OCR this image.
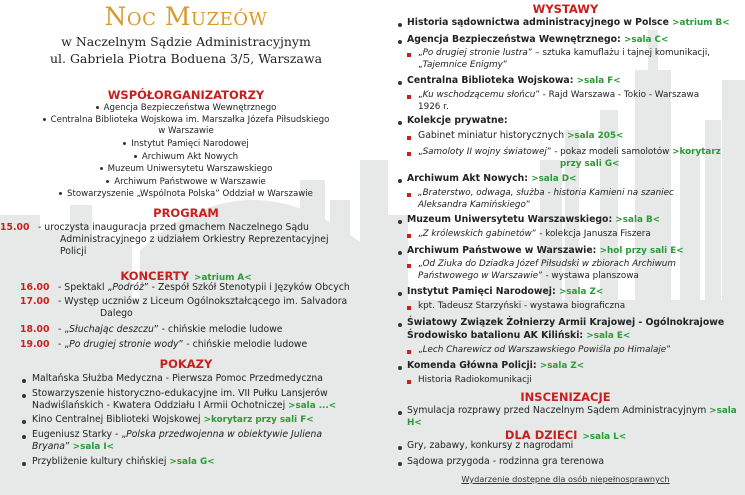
Noc Muzeów
w Naczelnym Sądzie Administracyjnym
ul. Gabriela Piotra Boduena 3/5, Warszawa
WSPÓŁORGANIZATORZY
Agencja Bezpieczeństwa Wewnętrznego
Centralna Biblioteka Wojskowa im. Marszałka Józefa Piłsudskiego
w Warszawie
Instytut Pamięci Narodowej
Archiwum Akt Nowych
Muzeum Uniwersytetu Warszawskiego
Archiwum Państwowe w Warszawie
Stowarzyszenie „Wspólnota Polska” Oddział w Warszawie
PROGRAM
15.00 - uroczysta inauguracja przed gmachem Naczelnego Sądu
Administracyjnego z udziałem Orkiestry Reprezentacyjnej
Policji
KONCERTY >atrium A<
16.00 - Spektakl „Podróż” - Zespół Szkół Stenotypii i Języków Obcych
17.00 - Występ uczniów z Liceum Ogólnokształcącego im. Salvadora
Dalego
18.00 - „Słuchając deszczu” - chińskie melodie ludowe
19.00 - „Po drugiej stronie wody” - chińskie melodie ludowe
POKAZY
Maltańska Służba Medyczna - Pierwsza Pomoc Przedmedyczna
Stowarzyszenie historyczno-edukacyjne im. VII Pułku Lansjerów
Nadwiślańskich - Kwatera Oddziału I Armii Ochotniczej >sala ...<
Kino Centralnej Biblioteki Wojskowej >korytarz przy sali F<
Eugeniusz Starky - „Polska przedwojenna w obiektywie Juliena
Bryana” >sala I<
Przybliżenie kultury chińskiej >sala G<
WYSTAWY
Historia sądownictwa administracyjnego w Polsce >atrium B<
Agencja Bezpieczeństwa Wewnętrznego: >sala C<
„Po drugiej stronie lustra” – sztuka kamuflażu i tajnej komunikacji,
„Tajemnice Enigmy”
Centralna Biblioteka Wojskowa: >sala F<
„Ku wschodzącemu słońcu” - Rajd Warszawa - Tokio - Warszawa
1926 r.
Kolekcje prywatne:
Gabinet miniatur historycznych >sala 205<
„Samoloty II wojny światowej” - pokaz modeli samolotów >korytarz
przy sali G<
Archiwum Akt Nowych: >sala D<
„Braterstwo, odwaga, służba - historia Kamieni na szaniec
Aleksandra Kamińskiego”
Muzeum Uniwersytetu Warszawskiego: >sala B<
„Z królewskich gabinetów” - kolekcja Janusza Fiszera
Archiwum Państwowe w Warszawie: >hol przy sali E<
„Od Ziuka do Dziadka Józef Piłsudski w zbiorach Archiwum
Państwowego w Warszawie” - wystawa planszowa
Instytut Pamięci Narodowej: >sala Z<
kpt. Tadeusz Starzyński - wystawa biograficzna
Światowy Związek Żołnierzy Armii Krajowej - Ogólnokrajowe
Środowisko batalionu AK Kiliński: >sala E<
„Lech Charewicz od Warszawskiego Powiśla po Himalaje”
Komenda Główna Policji: >sala Z<
Historia Radiokomunikacji
INSCENIZACJE
Symulacja rozprawy przed Naczelnym Sądem Administracyjnym >sala H<
DLA DZIECI >sala L<
Gry, zabawy, konkursy z nagrodami
Sądowa przygoda - rodzinna gra terenowa
Wydarzenie dostępne dla osób niepełnosprawnych
